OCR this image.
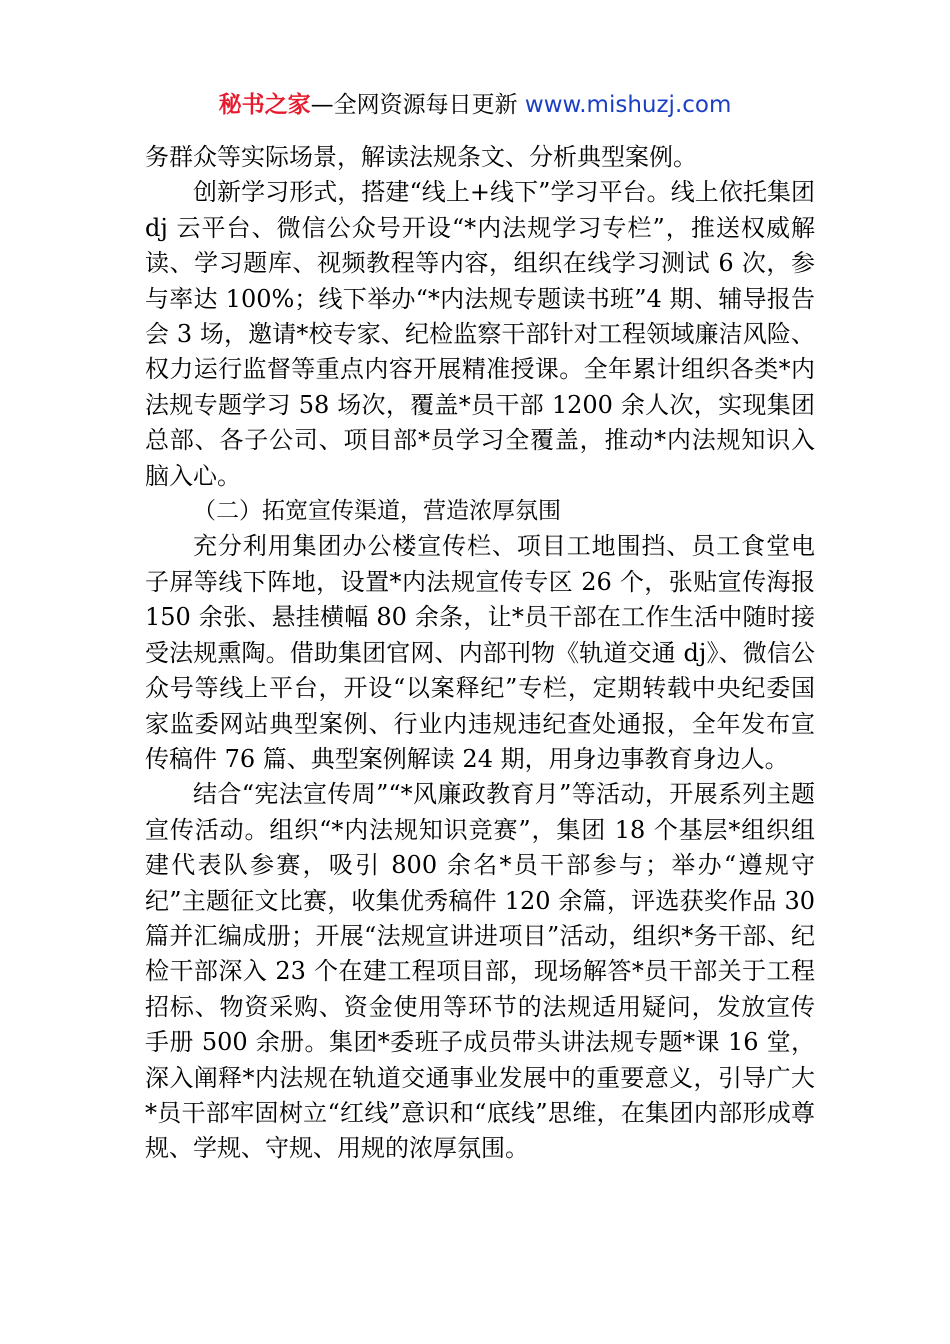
秘书之家—全网资源每日更新 www.mishuzj.com

务群众等实际场景，解读法规条文、分析典型案例。

创新学习形式，搭建“线上+线下”学习平台。线上依托集团 dj 云平台、微信公众号开设“*内法规学习专栏”，推送权威解读、学习题库、视频教程等内容，组织在线学习测试 6 次，参与率达 100%；线下举办“*内法规专题读书班”4 期、辅导报告会 3 场，邀请*校专家、纪检监察干部针对工程领域廉洁风险、权力运行监督等重点内容开展精准授课。全年累计组织各类*内法规专题学习 58 场次，覆盖*员干部 1200 余人次，实现集团总部、各子公司、项目部*员学习全覆盖，推动*内法规知识入脑入心。

（二）拓宽宣传渠道，营造浓厚氛围

充分利用集团办公楼宣传栏、项目工地围挡、员工食堂电子屏等线下阵地，设置*内法规宣传专区 26 个，张贴宣传海报 150 余张、悬挂横幅 80 余条，让*员干部在工作生活中随时接受法规熏陶。借助集团官网、内部刊物《轨道交通 dj》、微信公众号等线上平台，开设“以案释纪”专栏，定期转载中央纪委国家监委网站典型案例、行业内违规违纪查处通报，全年发布宣传稿件 76 篇、典型案例解读 24 期，用身边事教育身边人。

结合“宪法宣传周”“*风廉政教育月”等活动，开展系列主题宣传活动。组织“*内法规知识竞赛”，集团 18 个基层*组织组建代表队参赛，吸引 800 余名*员干部参与；举办“遵规守纪”主题征文比赛，收集优秀稿件 120 余篇，评选获奖作品 30 篇并汇编成册；开展“法规宣讲进项目”活动，组织*务干部、纪检干部深入 23 个在建工程项目部，现场解答*员干部关于工程招标、物资采购、资金使用等环节的法规适用疑问，发放宣传手册 500 余册。集团*委班子成员带头讲法规专题*课 16 堂，深入阐释*内法规在轨道交通事业发展中的重要意义，引导广大*员干部牢固树立“红线”意识和“底线”思维，在集团内部形成尊规、学规、守规、用规的浓厚氛围。
